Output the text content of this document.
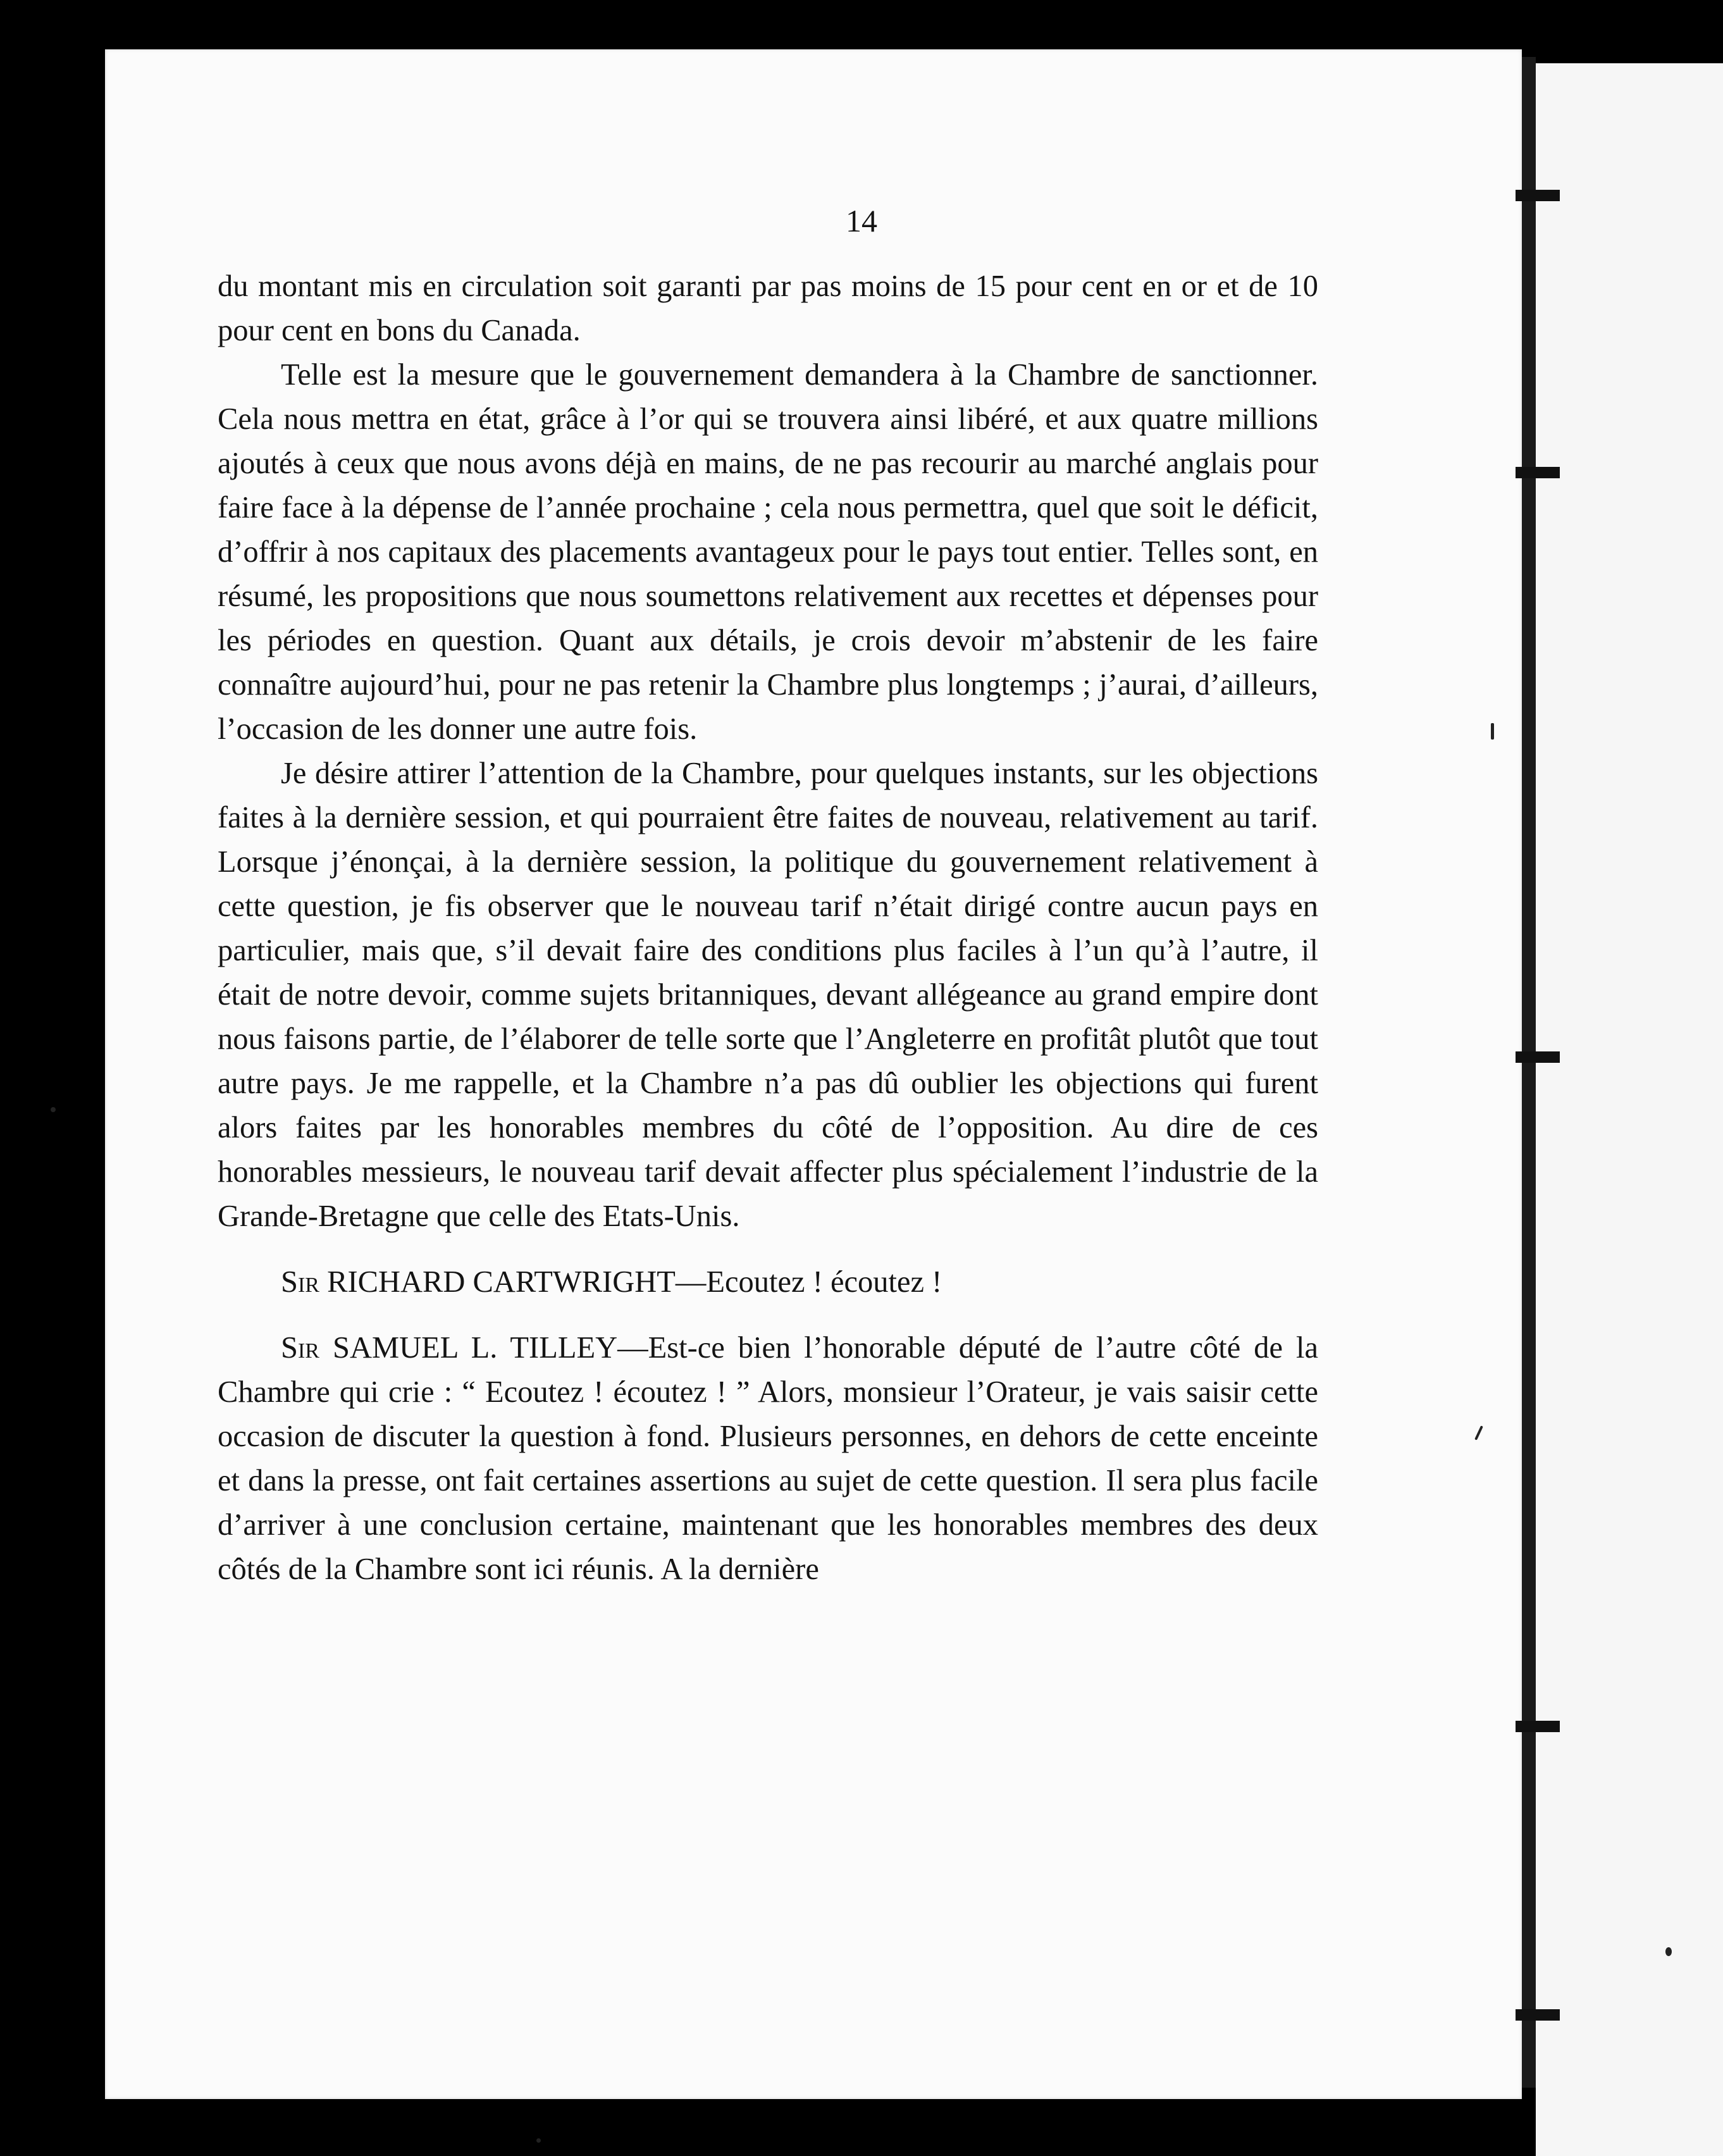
14

du montant mis en circulation soit garanti par pas moins de 15 pour cent en or et de 10 pour cent en bons du Canada.

Telle est la mesure que le gouvernement demandera à la Chambre de sanctionner. Cela nous mettra en état, grâce à l’or qui se trouvera ainsi libéré, et aux quatre millions ajoutés à ceux que nous avons déjà en mains, de ne pas recourir au marché anglais pour faire face à la dépense de l’année prochaine ; cela nous permettra, quel que soit le déficit, d’offrir à nos capitaux des placements avantageux pour le pays tout entier. Telles sont, en résumé, les propositions que nous soumettons relativement aux recettes et dépenses pour les périodes en question. Quant aux détails, je crois devoir m’abstenir de les faire connaître aujourd’hui, pour ne pas retenir la Chambre plus longtemps ; j’aurai, d’ailleurs, l’occasion de les donner une autre fois.

Je désire attirer l’attention de la Chambre, pour quelques instants, sur les objections faites à la dernière session, et qui pourraient être faites de nouveau, relativement au tarif. Lorsque j’énonçai, à la dernière session, la politique du gouvernement relativement à cette question, je fis observer que le nouveau tarif n’était dirigé contre aucun pays en particulier, mais que, s’il devait faire des conditions plus faciles à l’un qu’à l’autre, il était de notre devoir, comme sujets britanniques, devant allégeance au grand empire dont nous faisons partie, de l’élaborer de telle sorte que l’Angleterre en profitât plutôt que tout autre pays. Je me rappelle, et la Chambre n’a pas dû oublier les objections qui furent alors faites par les honorables membres du côté de l’opposition. Au dire de ces honorables messieurs, le nouveau tarif devait affecter plus spécialement l’industrie de la Grande-Bretagne que celle des Etats-Unis.

Sir RICHARD CARTWRIGHT—Ecoutez ! écoutez !

Sir SAMUEL L. TILLEY—Est-ce bien l’honorable député de l’autre côté de la Chambre qui crie : “ Ecoutez ! écoutez ! ” Alors, monsieur l’Orateur, je vais saisir cette occasion de discuter la question à fond. Plusieurs personnes, en dehors de cette enceinte et dans la presse, ont fait certaines assertions au sujet de cette question. Il sera plus facile d’arriver à une conclusion certaine, maintenant que les honorables membres des deux côtés de la Chambre sont ici réunis. A la dernière
